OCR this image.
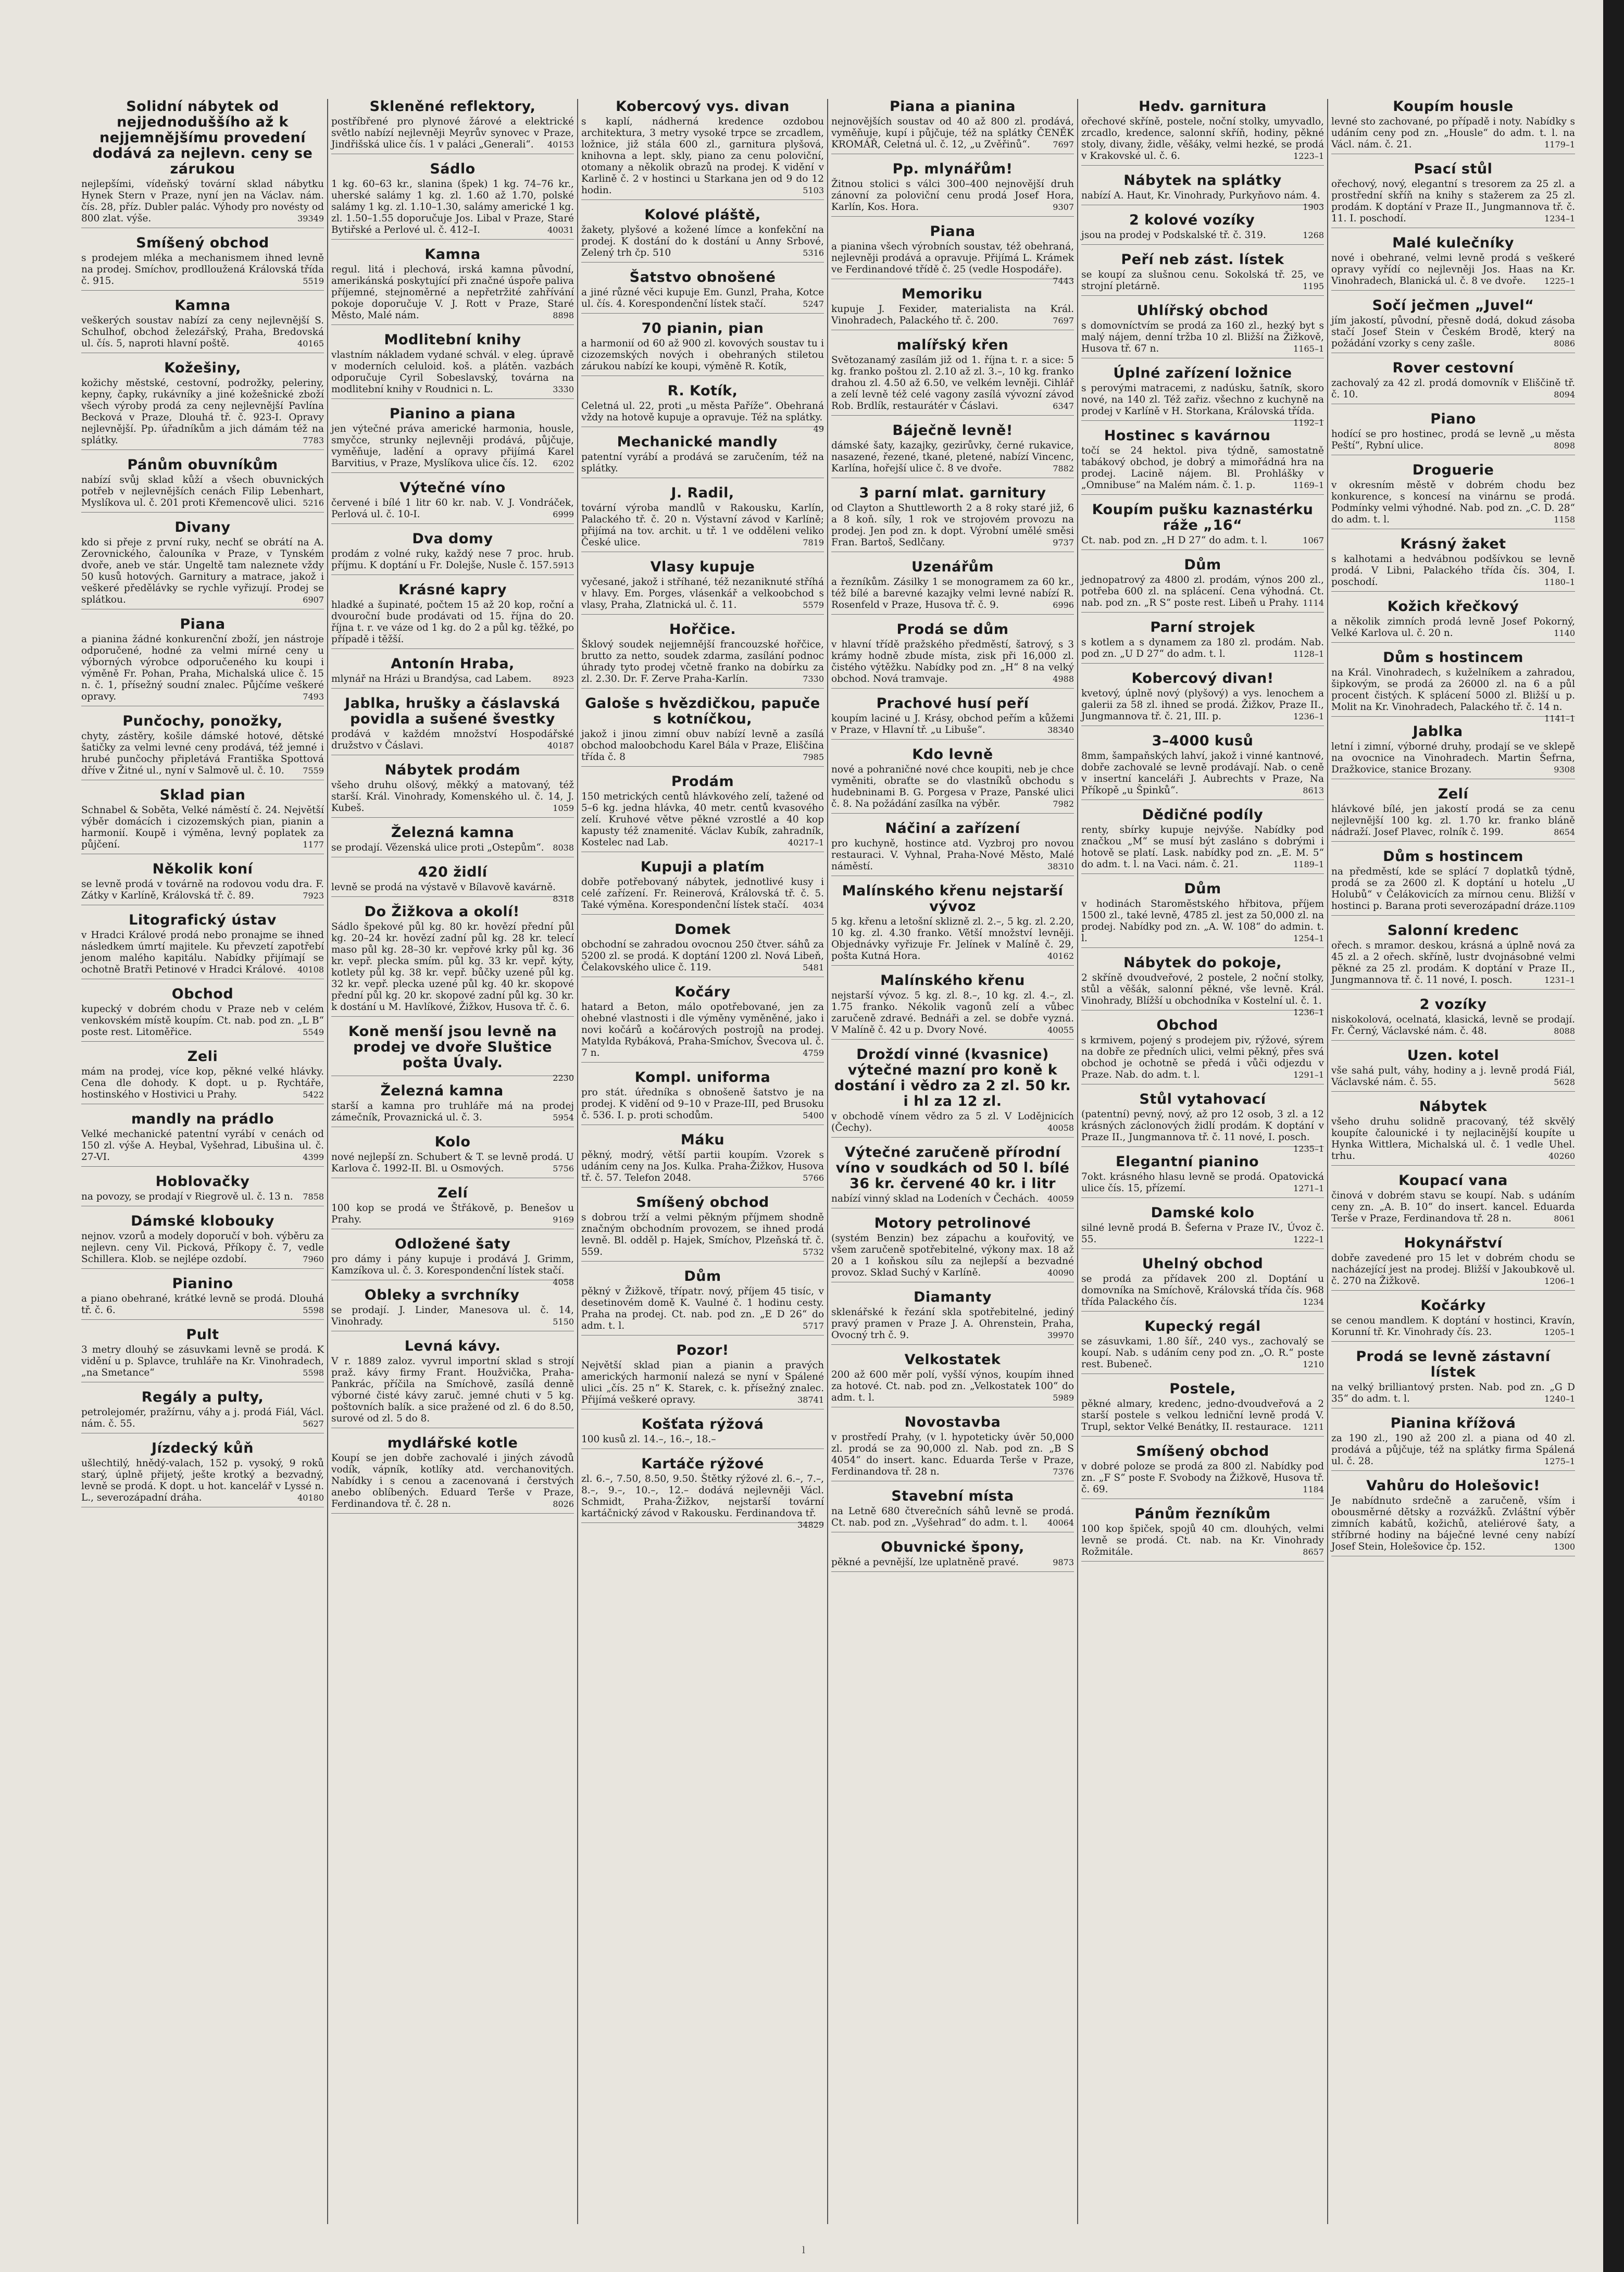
Solidní nábytek od nejjednoduššího až k nejjemnějšímu provedení dodává za nejlevn. ceny se zárukou

nejlepšími, vídeňský tovární sklad nábytku Hynek Stern v Praze, nyní jen na Václav. nám. čís. 28, příz. Dubler palác. Výhody pro novésty od 800 zlat. výše.	39349

Smíšený obchod

s prodejem mléka a mechanismem ihned levně na prodej. Smíchov, prodlloužená Královská třída č. 915.	5519

Kamna

veškerých soustav nabízí za ceny nejlevnější S. Schulhof, obchod železářský, Praha, Bredovská ul. čís. 5, naproti hlavní poště.	40165

Kožešiny,

kožichy městské, cestovní, podrožky, peleriny, kepny, čapky, rukávníky a jiné kožešnické zboží všech výroby prodá za ceny nejlevnější Pavlína Becková v Praze, Dlouhá tř. č. 923-I. Opravy nejlevnější. Pp. úřadníkům a jich dámám též na splátky.	7783

Pánům obuvníkům

nabízí svůj sklad kůží a všech obuvnických potřeb v nejlevnějších cenách Filip Lebenhart, Myslíkova ul. č. 201 proti Křemencově ulici. 5216

Divany

kdo si přeje z první ruky, nechť se obrátí na A. Zerovnického, čalouníka v Praze, v Tynském dvoře, aneb ve stár. Ungeltě tam naleznete vždy 50 kusů hotových. Garnitury a matrace, jakož i veškeré předělávky se rychle vyřizují. Prodej se splátkou.	6907

Piana

a pianina žádné konkurenční zboží, jen nástroje odporučené, hodné za velmi mírné ceny u výborných výrobce odporučeného ku koupi i výměně Fr. Pohan, Praha, Michalská ulice č. 15 n. č. 1, přísežný soudní znalec. Půjčíme veškeré opravy.	7493

Punčochy, ponožky,

chyty, zástěry, košile dámské hotové, dětské šatičky za velmi levné ceny prodává, též jemné i hrubé punčochy připletává Františka Spottová dříve v Žitné ul., nyní v Salmově ul. č. 10. 7559

Sklad pian

Schnabel & Soběta, Velké náměstí č. 24. Největší výběr domácích i cizozemských pian, pianin a harmonií. Koupě i výměna, levný poplatek za půjčení.	1177

Několik koní

se levně prodá v továrně na rodovou vodu dra. F. Zátky v Karlíně, Královská tř. č. 89.	7923

Litografický ústav

v Hradci Králové prodá nebo pronajme se ihned následkem úmrtí majitele. Ku převzetí zapotřebí jenom malého kapitálu. Nabídky přijímají se ochotně Bratři Petinové v Hradci Králové. 40108

Obchod

kupecký v dobrém chodu v Praze neb v celém venkovském místě koupím. Ct. nab. pod zn. „L B“ poste rest. Litoměřice.	5549

Zeli

mám na prodej, více kop, pěkné velké hlávky. Cena dle dohody. K dopt. u p. Rychtáře, hostinského v Hostivici u Prahy.	5422

mandly na prádlo

Velké mechanické patentní vyrábí v cenách od 150 zl. výše A. Heybal, Vyšehrad, Libušina ul. č. 27-VI.	4399

Hoblovačky

na povozy, se prodají v Riegrově ul. č. 13 n. 7858

Dámské klobouky

nejnov. vzorů a modely doporučí v boh. výběru za nejlevn. ceny Vil. Picková, Příkopy č. 7, vedle Schillera. Klob. se nejlépe ozdobí.	7960

Pianino

a piano obehrané, krátké levně se prodá. Dlouhá tř. č. 6.	5598

Pult

3 metry dlouhý se zásuvkami levně se prodá. K vidění u p. Splavce, truhláře na Kr. Vinohradech, „na Smetance“	5598

Regály a pulty,

petrolejomér, pražírnu, váhy a j. prodá Fiál, Václ. nám. č. 55.	5627

Jízdecký kůň

ušlechtilý, hnědý-valach, 152 p. vysoký, 9 roků starý, úplně přijetý, ješte krotký a bezvadný, levně se prodá. K dopt. u hot. kancelář v Lyssé n. L., severozápadní dráha.	40180

Skleněné reflektory,

postříbřené pro plynové žárové a elektrické světlo nabízí nejlevněji Meyrův synovec v Praze, Jindřišská ulice čís. 1 v paláci „Generali“. 40153

Sádlo

1 kg. 60–63 kr., slanina (špek) 1 kg. 74–76 kr., uherské salámy 1 kg. zl. 1.60 až 1.70, polské salámy 1 kg. zl. 1.10–1.30, salámy americké 1 kg. zl. 1.50–1.55 doporučuje Jos. Libal v Praze, Staré Bytiřské a Perlové ul. č. 412–I.	40031

Kamna

regul. litá i plechová, irská kamna původní, amerikánská poskytující při značné úspoře paliva příjemné, stejnoměrné a nepřetržité zahřívání pokoje doporučuje V. J. Rott v Praze, Staré Město, Malé nám.	8898

Modlitební knihy

vlastním nákladem vydané schvál. v eleg. úpravě v moderních celuloid. koš. a plátěn. vazbách odporučuje Cyril Sobeslavský, továrna na modlitební knihy v Roudnici n. L.	3330

Pianino a piana

jen výtečné práva americké harmonia, housle, smyčce, strunky nejlevněji prodává, půjčuje, vyměňuje, ladění a opravy přijímá Karel Barvitius, v Praze, Myslíkova ulice čís. 12. 6202

Výtečné víno

červené i bílé 1 litr 60 kr. nab. V. J. Vondráček, Perlová ul. č. 10-I.	6999

Dva domy

prodám z volné ruky, každý nese 7 proc. hrub. příjmu. K doptání u Fr. Dolejše, Nusle č. 157. 5913

Krásné kapry

hladké a šupinaté, počtem 15 až 20 kop, roční a dvouroční bude prodávati od 15. října do 20. října t. r. ve váze od 1 kg. do 2 a půl kg. těžké, po případě i těžší.

Antonín Hraba,

mlynář na Hrázi u Brandýsa, cad Labem.	8923

Jablka, hrušky a čáslavská povidla a sušené švestky

prodává v každém množství Hospodářské družstvo v Čáslavi.	40187

Nábytek prodám

všeho druhu olšový, měkký a matovaný, též starší. Král. Vinohrady, Komenského ul. č. 14, J. Kubeš.	1059

Železná kamna

se prodají. Vězenská ulice proti „Ostepům“. 8038

420 židlí

levně se prodá na výstavě v Bílavově kavárně.
8318

Do Žižkova a okolí!

Sádlo špekové půl kg. 80 kr. hovězí přední půl kg. 20–24 kr. hovězí zadní půl kg. 28 kr. telecí maso půl kg. 28–30 kr. vepřové krky půl kg. 36 kr. vepř. plecka smím. půl kg. 33 kr. vepř. kýty, kotlety půl kg. 38 kr. vepř. bůčky uzené půl kg. 32 kr. vepř. plecka uzené půl kg. 40 kr. skopové přední půl kg. 20 kr. skopové zadní půl kg. 30 kr. k dostání u M. Havlíkové, Žižkov, Husova tř. č. 6.

Koně menší jsou levně na prodej ve dvoře Sluštice pošta Úvaly.

2230

Železná kamna

starší a kamna pro truhláře má na prodej zámečník, Provaznická ul. č. 3.	5954

Kolo

nové nejlepší zn. Schubert & T. se levně prodá. U Karlova č. 1992-II. Bl. u Osmových.	5756

Zelí

100 kop se prodá ve Štřákově, p. Benešov u Prahy.	9169

Odložené šaty

pro dámy i pány kupuje i prodává J. Grimm, Kamzíkova ul. č. 3. Korespondenční lístek stačí.
4058

Obleky a svrchníky

se prodají. J. Linder, Manesova ul. č. 14, Vinohrady.	5150

Levná kávy.

V r. 1889 zaloz. vyvrul importní sklad s strojí praž. kávy firmy Frant. Houžvička, Praha-Pankrác, příčila na Smíchově, zasílá denně výborné čisté kávy zaruč. jemné chuti v 5 kg. poštovních balík. a sice pražené od zl. 6 do 8.50, surové od zl. 5 do 8.

mydlářské kotle

Koupí se jen dobře zachovalé i jiných závodů vodík, vápník, kotlíky atd. verchanovitých. Nabídky i s cenou a zacenovaná i čerstvých anebo oblíbených. Eduard Terše v Praze, Ferdinandova tř. č. 28 n.	8026

Kobercový vys. divan

s kaplí, nádherná kredence ozdobou architektura, 3 metry vysoké trpce se zrcadlem, ložnice, již stála 600 zl., garnitura plyšová, knihovna a lept. skly, piano za cenu poloviční, otomany a několik obrazů na prodej. K vidění v Karlině č. 2 v hostinci u Starkana jen od 9 do 12 hodin.	5103

Kolové pláště,

žakety, plyšové a kožené límce a konfekční na prodej. K dostání do k dostání u Anny Srbové, Zelený trh čp. 510	5316

Šatstvo obnošené

a jiné různé věci kupuje Em. Gunzl, Praha, Kotce ul. čís. 4. Korespondenční lístek stačí.	5247

70 pianin, pian

a harmonií od 60 až 900 zl. kovových soustav tu i cizozemských nových i obehraných stiletou zárukou nabízí ke koupi, výměně R. Kotík,

R. Kotík,

Celetná ul. 22, proti „u města Paříže“. Obehraná vždy na hotově kupuje a opravuje. Též na splátky.
49

Mechanické mandly

patentní vyrábí a prodává se zaručením, též na splátky.

J. Radil,

tovární výroba mandlů v Rakousku, Karlín, Palackého tř. č. 20 n. Výstavní závod v Karlíně; přijímá na tov. archit. u tř. 1 ve odděleni veliko České ulice.	7819

Vlasy kupuje

vyčesané, jakož i stříhané, též nezaniknuté stříhá v hlavy. Em. Porges, vlásenkář a velkoobchod s vlasy, Praha, Zlatnická ul. č. 11.	5579

Hořčice.

Šklový soudek nejjemnější francouzské hořčice, brutto za netto, soudek zdarma, zasílání podnoc úhrady tyto prodej včetně franko na dobírku za zl. 2.30. Dr. F. Zerve Praha-Karlín.	7330

Galoše s hvězdičkou, papuče s kotníčkou,

jakož i jinou zimní obuv nabízí levně a zasílá obchod maloobchodu Karel Bála v Praze, Eliščina třída č. 8	7985

Prodám

150 metrických centů hlávkového zelí, tažené od 5–6 kg. jedna hlávka, 40 metr. centů kvasového zelí. Kruhové větve pěkné vzrostlé a 40 kop kapusty též znamenité. Václav Kubík, zahradník, Kostelec nad Lab.	40217–1

Kupuji a platím

dobře potřebovaný nábytek, jednotlivé kusy i celé zařízení. Fr. Reinerová, Královská tř. č. 5. Také výměna. Korespondenční lístek stačí. 4034

Domek

obchodní se zahradou ovocnou 250 čtver. sáhů za 5200 zl. se prodá. K doptání 1200 zl. Nová Libeň, Čelakovského ulice č. 119.	5481

Kočáry

hatard a Beton, málo opotřebované, jen za ohebné vlastnosti i dle výměny vyměněné, jako i novi kočárů a kočárových postrojů na prodej. Matylda Rybáková, Praha-Smíchov, Švecova ul. č. 7 n.	4759

Kompl. uniforma

pro stát. úředníka s obnošeně šatstvo je na prodej. K vidění od 9–10 v Praze-III, ped Brusoku č. 536. I. p. proti schodům.	5400

Máku

pěkný, modrý, větší partii koupím. Vzorek s udáním ceny na Jos. Kulka. Praha-Žižkov, Husova tř. č. 57. Telefon 2048.	5766

Smíšený obchod

s dobrou trží a velmi pěkným příjmem shodně značným obchodním provozem, se ihned prodá levně. Bl. odděl p. Hajek, Smíchov, Plzeňská tř. č. 559.	5732

Dům

pěkný v Žižkově, třípatr. nový, příjem 45 tisíc, v desetinovém domě K. Vaulné č. 1 hodinu cesty. Praha na prodej. Ct. nab. pod zn. „E D 26“ do adm. t. l.	5717

Pozor!

Největší sklad pian a pianin a pravých amerických harmonií nalezá se nyní v Spálené ulici „čís. 25 n“ K. Starek, c. k. přísežný znalec. Přijímá veškeré opravy.	38741

Košťata rýžová

100 kusů zl. 14.–, 16.–, 18.–

Kartáče rýžové

zl. 6.–, 7.50, 8.50, 9.50. Štětky rýžové zl. 6.–, 7.–, 8.–, 9.–, 10.–, 12.– dodává nejlevněji Václ. Schmidt, Praha-Žižkov, nejstarší tovární kartáčnický závod v Rakousku. Ferdinandova tř.
34829

Piana a pianina

nejnovějších soustav od 40 až 800 zl. prodává, vyměňuje, kupí i půjčuje, též na splátky ČENĚK KROMÁŘ, Celetná ul. č. 12, „u Zvěřinů“.	7697

Pp. mlynářům!

Žitnou stolici s válci 300–400 nejnovější druh zánovní za poloviční cenu prodá Josef Hora, Karlín, Kos. Hora.	9307

Piana

a pianina všech výrobních soustav, též obehraná, nejlevněji prodává a opravuje. Přijímá L. Krámek ve Ferdinandové třídě č. 25 (vedle Hospodáře).
7443

Memoriku

kupuje J. Fexider, materialista na Král. Vinohradech, Palackého tř. č. 200.	7697

malířský křen

Světozanamý zasílám již od 1. října t. r. a sice: 5 kg. franko poštou zl. 2.10 až zl. 3.–, 10 kg. franko drahou zl. 4.50 až 6.50, ve velkém levněji. Cihlář a zelí levně též celé vagony zasílá vývozní závod Rob. Brdlík, restaurátér v Čáslavi.	6347

Báječně levně!

dámské šaty, kazajky, gezirůvky, černé rukavice, nasazené, řezené, tkané, pletené, nabízí Vincenc, Karlína, hořejší ulice č. 8 ve dvoře.	7882

3 parní mlat. garnitury

od Clayton a Shuttleworth 2 a 8 roky staré již, 6 a 8 koň. síly, 1 rok ve strojovém provozu na prodej. Jen pod zn. k dopt. Výrobní umělé směsi Fran. Bartoš, Sedlčany.	9737

Uzenářům

a řezníkům. Zásilky 1 se monogramem za 60 kr., též bílé a barevné kazajky velmi levné nabízí R. Rosenfeld v Praze, Husova tř. č. 9.	6996

Prodá se dům

v hlavní třídě pražského předměstí, šatrový, s 3 krámy hodně zbude místa, zisk při 16,000 zl. čistého výtěžku. Nabídky pod zn. „H“ 8 na velký obchod. Nová tramvaje.	4988

Prachové husí peří

koupím laciné u J. Krásy, obchod peřím a kůžemi v Praze, v Hlavní tř. „u Libuše“.	38340

Kdo levně

nové a pohraničné nové chce koupiti, neb je chce vyměniti, obraťte se do vlastníků obchodu s hudebninami B. G. Porgesa v Praze, Panské ulici č. 8. Na požádání zasílka na výběr.	7982

Náčiní a zařízení

pro kuchyně, hostince atd. Vyzbroj pro novou restauraci. V. Vyhnal, Praha-Nové Město, Malé náměstí.	38310

Malínského křenu nejstarší vývoz

5 kg. křenu a letošní sklizně zl. 2.–, 5 kg. zl. 2.20, 10 kg. zl. 4.30 franko. Větší množství levněji. Objednávky vyřizuje Fr. Jelínek v Malíně č. 29, pošta Kutná Hora.	40162

Malínského křenu

nejstarší vývoz. 5 kg. zl. 8.–, 10 kg. zl. 4.–, zl. 1.75 franko. Nékolik vagonů zelí a vůbec zaručeně zdravé. Bednáři a zel. se dobře vyzná. V Malíně č. 42 u p. Dvory Nové.	40055

Droždí vinné (kvasnice) výtečné mazní pro koně k dostání i vědro za 2 zl. 50 kr. i hl za 12 zl.

v obchodě vínem vědro za 5 zl. V Lodějnicích (Čechy).	40058

Výtečné zaručeně přírodní víno v soudkách od 50 l. bílé 36 kr. červené 40 kr. i litr

nabízí vinný sklad na Lodeních v Čechách. 40059

Motory petrolinové

(systém Benzin) bez zápachu a kouřovitý, ve všem zaručeně spotřebitelné, výkony max. 18 až 20 a 1 koňskou sílu za nejlepší a bezvadné provoz. Sklad Suchý v Karlíně.	40090

Diamanty

sklenářské k řezání skla spotřebitelné, jediný pravý pramen v Praze J. A. Ohrenstein, Praha, Ovocný trh č. 9.	39970

Velkostatek

200 až 600 měr polí, vyšší výnos, koupím ihned za hotové. Ct. nab. pod zn. „Velkostatek 100“ do adm. t. l.	5989

Novostavba

v prostředí Prahy, (v l. hypoteticky úvěr 50,000 zl. prodá se za 90,000 zl. Nab. pod zn. „B S 4054“ do insert. kanc. Eduarda Terše v Praze, Ferdinandova tř. 28 n.	7376

Stavební místa

na Letně 680 čtverečních sáhů levně se prodá. Ct. nab. pod zn. „Vyšehrad“ do adm. t. l. 40064

Obuvnické špony,

pěkné a pevnější, lze uplatněně pravé.	9873

Hedv. garnitura

ořechové skříně, postele, noční stolky, umyvadlo, zrcadlo, kredence, salonní skříň, hodiny, pěkné stoly, divany, židle, věšáky, velmi hezké, se prodá v Krakovské ul. č. 6.	1223–1

Nábytek na splátky

nabízí A. Haut, Kr. Vinohrady, Purkyňovo nám. 4.
1903

2 kolové vozíky

jsou na prodej v Podskalské tř. č. 319.	1268

Peří neb zást. lístek

se koupí za slušnou cenu. Sokolská tř. 25, ve strojní pletárně.	1195

Uhlířský obchod

s domovníctvím se prodá za 160 zl., hezký byt s malý nájem, denní tržba 10 zl. Bližší na Žižkově, Husova tř. 67 n.	1165–1

Úplné zařízení ložnice

s perovými matracemi, z nadúsku, šatník, skoro nové, na 140 zl. Též zařiz. všechno z kuchyně na prodej v Karlíně v H. Storkana, Královská třída.
1192–1

Hostinec s kavárnou

točí se 24 hektol. piva týdně, samostatně tabákový obchod, je dobrý a mimořádná hra na prodej. Lacině nájem. Bl. Prohlášky v „Omnibuse“ na Malém nám. č. 1. p.	1169–1

Koupím pušku kaznastérku ráže „16“

Ct. nab. pod zn. „H D 27“ do adm. t. l.	1067

Dům

jednopatrový za 4800 zl. prodám, výnos 200 zl., potřeba 600 zl. na splácení. Cena výhodná. Ct. nab. pod zn. „R S“ poste rest. Libeň u Prahy. 1114

Parní strojek

s kotlem a s dynamem za 180 zl. prodám. Nab. pod zn. „U D 27“ do adm. t. l.	1128–1

Kobercový divan!

kvetový, úplně nový (plyšový) a vys. lenochem a galerii za 58 zl. ihned se prodá. Žižkov, Praze II., Jungmannova tř. č. 21, III. p.	1236–1

3–4000 kusů

8mm, šampaňských lahví, jakož i vinné kantnové, dobře zachovalé se levně prodávají. Nab. o ceně v insertní kanceláři J. Aubrechts v Praze, Na Příkopě „u Špinků“.	8613

Dědičné podíly

renty, sbírky kupuje nejvýše. Nabídky pod značkou „M“ se musí být zasláno s dobrými i hotově se platí. Lask. nabídky pod zn. „E. M. 5“ do adm. t. l. na Vaci. nám. č. 21.	1189–1

Dům

v hodinách Staroměstského hřbitova, příjem 1500 zl., také levně, 4785 zl. jest za 50,000 zl. na prodej. Nabídky pod zn. „A. W. 108“ do admin. t. l.	1254–1

Nábytek do pokoje,

2 skříně dvoudveřové, 2 postele, 2 noční stolky, stůl a věšák, salonní pěkné, vše levně. Král. Vinohrady, Blížší u obchodníka v Kostelní ul. č. 1.
1236–1

Obchod

s krmivem, pojený s prodejem piv, rýžové, sýrem na dobře ze předních ulici, velmi pěkný, přes svá obchod je ochotně se předá i vůči odjezdu v Praze. Nab. do adm. t. l.	1291–1

Stůl vytahovací

(patentní) pevný, nový, až pro 12 osob, 3 zl. a 12 krásných záclonových židlí prodám. K doptání v Praze II., Jungmannova tř. č. 11 nové, I. posch.
1235–1

Elegantní pianino

7okt. krásného hlasu levně se prodá. Opatovická ulice čís. 15, přízemí.	1271–1

Damské kolo

silné levně prodá B. Šeferna v Praze IV., Úvoz č. 55.	1222–1

Uhelný obchod

se prodá za přídavek 200 zl. Doptání u domovníka na Smíchově, Královská třída čís. 968 třída Palackého čís.	1234

Kupecký regál

se zásuvkami, 1.80 šíř., 240 vys., zachovalý se koupí. Nab. s udáním ceny pod zn. „O. R.“ poste rest. Bubeneč.	1210

Postele,

pěkné almary, kredenc, jedno-dvoudveřová a 2 starší postele s velkou ledniční levně prodá V. Trupl, sektor Velké Benátky, II. restaurace. 1211

Smíšený obchod

v dobré poloze se prodá za 800 zl. Nabídky pod zn. „F S“ poste F. Svobody na Žižkově, Husova tř. č. 69.	1184

Pánům řezníkům

100 kop špiček, spojů 40 cm. dlouhých, velmi levně se prodá. Ct. nab. na Kr. Vinohrady Rožmitále.	8657

Koupím housle

levné sto zachované, po případě i noty. Nabídky s udáním ceny pod zn. „Housle“ do adm. t. l. na Václ. nám. č. 21.	1179–1

Psací stůl

ořechový, nový, elegantní s tresorem za 25 zl. a prostřední skříň na knihy s stažerem za 25 zl. prodám. K doptání v Praze II., Jungmannova tř. č. 11. I. poschodí.	1234–1

Malé kulečníky

nové i obehrané, velmi levně prodá s veškeré opravy vyřídí co nejlevněji Jos. Haas na Kr. Vinohradech, Blanická ul. č. 8 ve dvoře. 1225–1

Sočí ječmen „Juvel“

jím jakostí, původní, přesně dodá, dokud zásoba stačí Josef Stein v Českém Brodě, který na požádání vzorky s ceny zašle.	8086

Rover cestovní

zachovalý za 42 zl. prodá domovník v Eliščině tř. č. 10.	8094

Piano

hodící se pro hostinec, prodá se levně „u města Peští“, Rybní ulice.	8098

Droguerie

v okresním městě v dobrém chodu bez konkurence, s koncesí na vinárnu se prodá. Podmínky velmi výhodné. Nab. pod zn. „C. D. 28“ do adm. t. l.	1158

Krásný žaket

s kalhotami a hedvábnou podšívkou se levně prodá. V Libni, Palackého třída čís. 304, I. poschodí.	1180–1

Kožich křečkový

a několik zimních prodá levně Josef Pokorný, Velké Karlova ul. č. 20 n.	1140

Dům s hostincem

na Král. Vinohradech, s kuželníkem a zahradou, šipkovým, se prodá za 26000 zl. na 6 a půl procent čistých. K splácení 5000 zl. Bližší u p. Molit na Kr. Vinohradech, Palackého tř. č. 14 n.
1141–1

Jablka

letní i zimní, výborné druhy, prodají se ve sklepě na ovocnice na Vinohradech. Martin Šefrna, Dražkovice, stanice Brozany.	9308

Zelí

hlávkové bílé, jen jakostí prodá se za cenu nejlevnější 100 kg. zl. 1.70 kr. franko bláně nádraží. Josef Plavec, rolník č. 199.	8654

Dům s hostincem

na předměstí, kde se splácí 7 doplatků týdně, prodá se za 2600 zl. K doptání u hotelu „U Holubů“ v Čelákovicích za mírnou cenu. Bližší v hostinci p. Barana proti severozápadní dráze. 1109

Salonní kredenc

ořech. s mramor. deskou, krásná a úplně nová za 45 zl. a 2 ořech. skříně, lustr dvojnásobné velmi pěkné za 25 zl. prodám. K doptání v Praze II., Jungmannova tř. č. 11 nové, I. posch.	1231–1

2 vozíky

niskokolová, ocelnatá, klasická, levně se prodají. Fr. Černý, Václavské nám. č. 48.	8088

Uzen. kotel

vše sahá pult, váhy, hodiny a j. levně prodá Fiál, Václavské nám. č. 55.	5628

Nábytek

všeho druhu solidně pracovaný, též skvělý koupíte čalounické i ty nejlacinější koupíte u Hynka Wittlera, Michalská ul. č. 1 vedle Uhel. trhu.	40260

Koupací vana

činová v dobrém stavu se koupí. Nab. s udáním ceny zn. „A. B. 10“ do insert. kancel. Eduarda Terše v Praze, Ferdinandova tř. 28 n.	8061

Hokynářství

dobře zavedené pro 15 let v dobrém chodu se nacházející jest na prodej. Bližší v Jakoubkově ul. č. 270 na Žižkově.	1206–1

Kočárky

se cenou mandlem. K doptání v hostinci, Kravín, Korunní tř. Kr. Vinohrady čís. 23.	1205–1

Prodá se levně zástavní lístek

na velký brilliantový prsten. Nab. pod zn. „G D 35“ do adm. t. l.	1240–1

Pianina křížová

za 190 zl., 190 až 200 zl. a piana od 40 zl. prodává a půjčuje, též na splátky firma Spálená ul. č. 28.	1275–1

Vahůru do Holešovic!

Je nabídnuto srdečně a zaručeně, vším i obousměrné dětsky a rozvážků. Zvláštní výběr zimních kabátů, kožichů, ateliérové šaty, a stříbrné hodiny na báječné levné ceny nabízí Josef Stein, Holešovice čp. 152.	1300

l
